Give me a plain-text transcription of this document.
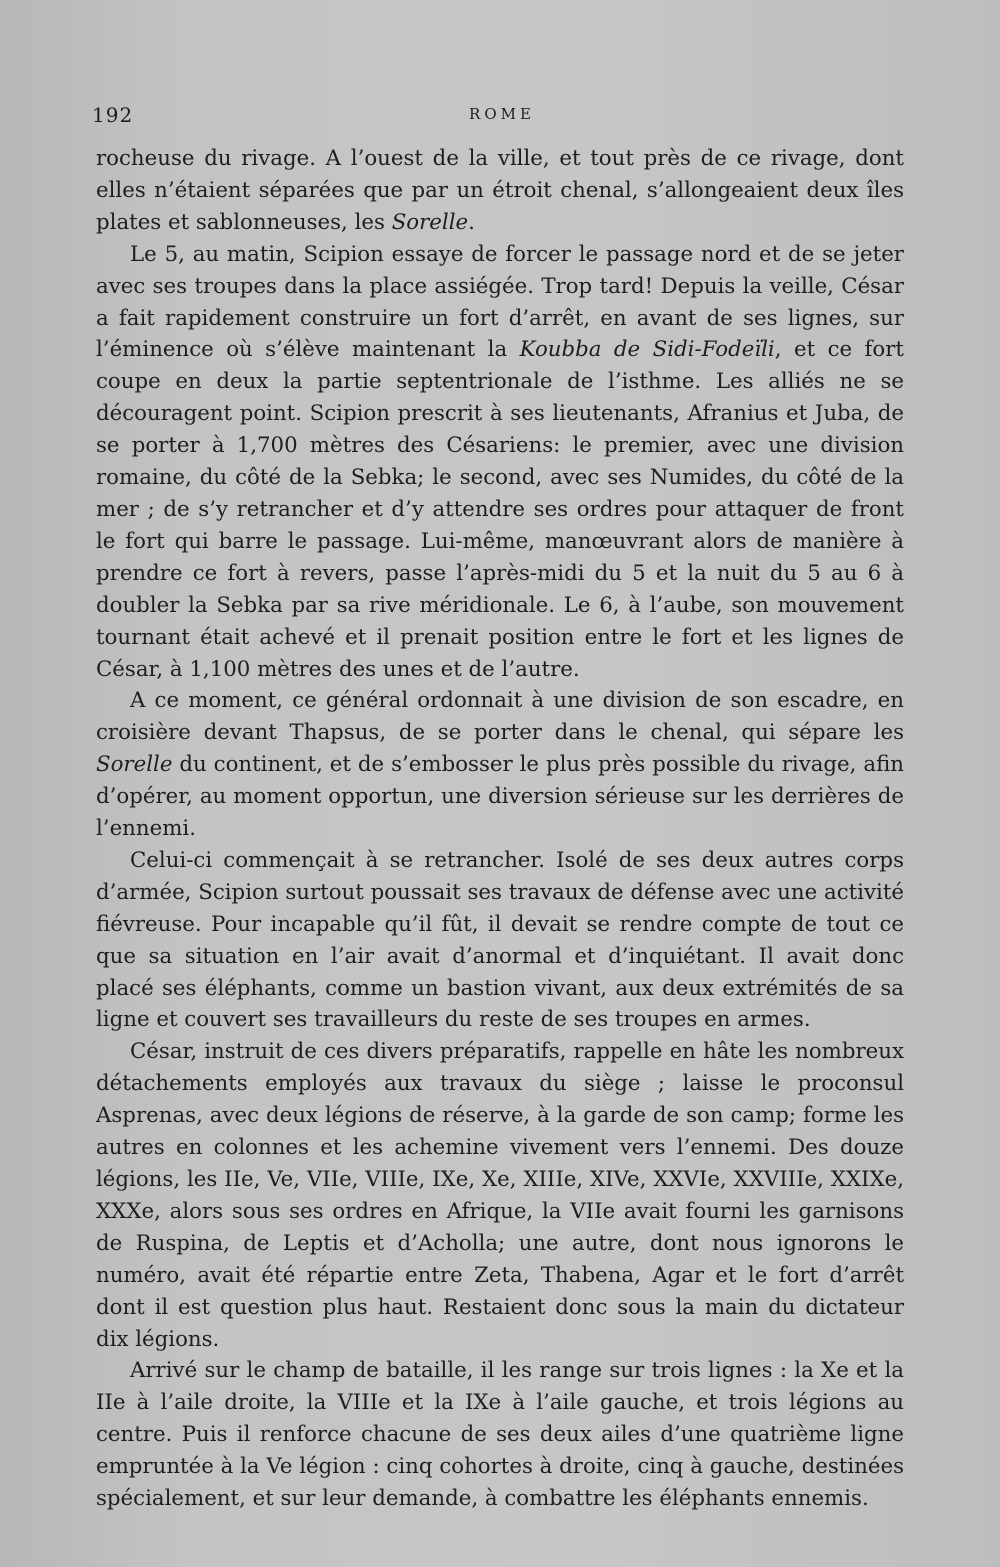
192	ROME

rocheuse du rivage. A l’ouest de la ville, et tout près de ce rivage, dont elles n’étaient séparées que par un étroit chenal, s’allongeaient deux îles plates et sablonneuses, les Sorelle.

Le 5, au matin, Scipion essaye de forcer le passage nord et de se jeter avec ses troupes dans la place assiégée. Trop tard! Depuis la veille, César a fait rapidement construire un fort d’arrêt, en avant de ses lignes, sur l’éminence où s’élève maintenant la Koubba de Sidi-Fodeïli, et ce fort coupe en deux la partie septentrionale de l’isthme. Les alliés ne se découragent point. Scipion prescrit à ses lieutenants, Afranius et Juba, de se porter à 1,700 mètres des Césariens: le premier, avec une division romaine, du côté de la Sebka; le second, avec ses Numides, du côté de la mer ; de s’y retrancher et d’y attendre ses ordres pour attaquer de front le fort qui barre le passage. Lui-même, manœuvrant alors de manière à prendre ce fort à revers, passe l’après-midi du 5 et la nuit du 5 au 6 à doubler la Sebka par sa rive méridionale. Le 6, à l’aube, son mouvement tournant était achevé et il prenait position entre le fort et les lignes de César, à 1,100 mètres des unes et de l’autre.

A ce moment, ce général ordonnait à une division de son escadre, en croisière devant Thapsus, de se porter dans le chenal, qui sépare les Sorelle du continent, et de s’embosser le plus près possible du rivage, afin d’opérer, au moment opportun, une diversion sérieuse sur les derrières de l’ennemi.

Celui-ci commençait à se retrancher. Isolé de ses deux autres corps d’armée, Scipion surtout poussait ses travaux de défense avec une activité fiévreuse. Pour incapable qu’il fût, il devait se rendre compte de tout ce que sa situation en l’air avait d’anormal et d’inquiétant. Il avait donc placé ses éléphants, comme un bastion vivant, aux deux extrémités de sa ligne et couvert ses travailleurs du reste de ses troupes en armes.

César, instruit de ces divers préparatifs, rappelle en hâte les nombreux détachements employés aux travaux du siège ; laisse le proconsul Asprenas, avec deux légions de réserve, à la garde de son camp; forme les autres en colonnes et les achemine vivement vers l’ennemi. Des douze légions, les IIe, Ve, VIIe, VIIIe, IXe, Xe, XIIIe, XIVe, XXVIe, XXVIIIe, XXIXe, XXXe, alors sous ses ordres en Afrique, la VIIe avait fourni les garnisons de Ruspina, de Leptis et d’Acholla; une autre, dont nous ignorons le numéro, avait été répartie entre Zeta, Thabena, Agar et le fort d’arrêt dont il est question plus haut. Restaient donc sous la main du dictateur dix légions.

Arrivé sur le champ de bataille, il les range sur trois lignes : la Xe et la IIe à l’aile droite, la VIIIe et la IXe à l’aile gauche, et trois légions au centre. Puis il renforce chacune de ses deux ailes d’une quatrième ligne empruntée à la Ve légion : cinq cohortes à droite, cinq à gauche, destinées spécialement, et sur leur demande, à combattre les éléphants ennemis.
